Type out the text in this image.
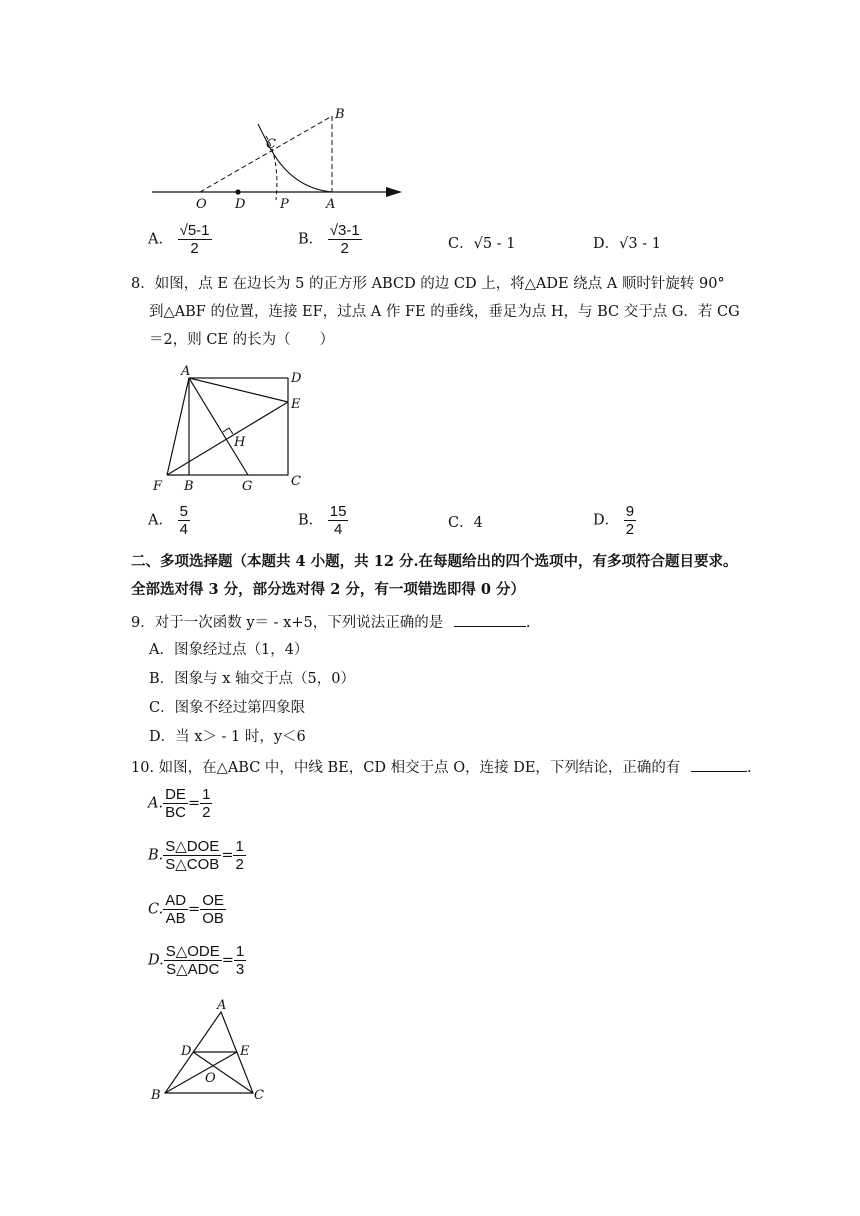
B
C
O D	P	A
A． $\frac{√5-1}{2}$	B． $\frac{√3-1}{2}$	C．√5 - 1	D．√3 - 1
8．如图，点 E 在边长为 5 的正方形 ABCD 的边 CD 上，将△ADE 绕点 A 顺时针旋转 90°
到△ABF 的位置，连接 EF，过点 A 作 FE 的垂线，垂足为点 H，与 BC 交于点 G．若 CG
＝2，则 CE 的长为（　　）
A	D
E
H
F B	G	C
A． $\frac{5}{4}$	B． $\frac{15}{4}$	C．4	D． $\frac{9}{2}$
二、多项选择题（本题共 4 小题，共 12 分.在每题给出的四个选项中，有多项符合题目要求。
全部选对得 3 分，部分选对得 2 分，有一项错选即得 0 分）
9．对于一次函数 y＝ - x+5，下列说法正确的是	.
A．图象经过点（1，4）
B．图象与 x 轴交于点（5，0）
C．图象不经过第四象限
D．当 x＞ - 1 时，y＜6
10. 如图，在△ABC 中，中线 BE，CD 相交于点 O，连接 DE，下列结论，正确的有	.
A. $\frac{DE}{BC} = \frac{1}{2}$
B. $\frac{\text{S△DOE}}{\text{S△COB}} = \frac{1}{2}$
C. $\frac{AD}{AB} = \frac{OE}{OB}$
D. $\frac{\text{S△ODE}}{\text{S△ADC}} = \frac{1}{3}$
A
D	E
O
B	C
